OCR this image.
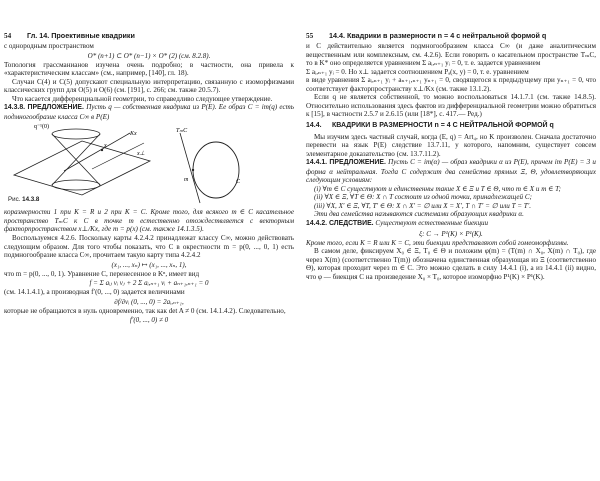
54 Гл. 14. Проективные квадрики

с однородным пространством

O* (n+1) ⊂ O* (n−1) × O* (2) (см. 8.2.8).

Топология грассманианов изучена очень подробно; в частности, она привела к «характеристическим классам» (см., например, [140], гл. 18).

Случаи C(4) и C(5) допускают специальную интерпретацию, связанную с изоморфизмами классических групп для O(5) и O(6) (см. [191], с. 266; см. также 20.5.7).

Что касается дифференциальной геометрии, то справедливо следующее утверждение.

14.3.8. ПРЕДЛОЖЕНИЕ. Пусть q — собственная квадрика из P(E). Ее образ C = im(q) есть подмногообразие класса C∞ в P(E)

q⁻¹(0)
x
Kx
x⊥
TₘC
m	C
Рис. 14.3.8

коразмерности 1 при K = R и 2 при K = C. Кроме того, для всякого m ∈ C касательное пространство TₘC к C в точке m естественно отождествляется с векторным факторпространством x⊥/Kx, где m = p(x) (см. также 14.1.3.5).

Воспользуемся 4.2.6. Поскольку карты 4.2.4.2 принадлежат классу C∞, можно действовать следующим образом. Для того чтобы показать, что C в окрестности m = p(0, ..., 0, 1) есть подмногообразие класса C∞, прочитаем такую карту типа 4.2.4.2

(x₁, ..., xₙ) ↦ (x₁, ..., xₙ, 1),

что m = p(0, ..., 0, 1). Уравнение C, перенесенное в Kⁿ, имеет вид

f = Σ aᵢⱼ vᵢ vⱼ + 2 Σ aᵢ,ₙ₊₁ vᵢ + aₙ₊₁,ₙ₊₁ = 0

(см. 14.1.4.1), а производная f′(0, ..., 0) задается величинами

∂f/∂vᵢ (0, ..., 0) = 2aᵢ,ₙ₊₁,

которые не обращаются в нуль одновременно, так как det A ≠ 0 (см. 14.1.4.2). Следовательно,

f′(0, ..., 0) ≠ 0

55 14.4. Квадрики в размерности n = 4 с нейтральной формой q

и C действительно является подмногообразием класса C∞ (и даже аналитическим вещественным или комплексным, см. 4.2.6). Если говорить о касательном пространстве TₘC, то в K* оно определяется уравнением Σ aᵢ,ₙ₊₁ yᵢ = 0, т. е. задается уравнением

Σ aᵢ,ₙ₊₁ yᵢ = 0. Но x⊥ задается соотношением Pₐ(x, y) = 0, т. е. уравнением

в виде уравнения Σ aᵢ,ₙ₊₁ yᵢ + aₙ₊₁,ₙ₊₁ yₙ₊₁ = 0, сводящегося к предыдущему при yₙ₊₁ = 0, что соответствует факторпространству x⊥/Kx (см. также 13.1.2).

Если q не является собственной, то можно воспользоваться 14.1.7.1 (см. также 14.8.5). Относительно использования здесь фактов из дифференциальной геометрии можно обратиться к [15], в частности 2.5.7 и 2.6.15 (или [18*], с. 417.— Ред.)

14.4.	КВАДРИКИ В РАЗМЕРНОСТИ n = 4 С НЕЙТРАЛЬНОЙ ФОРМОЙ q

Мы изучим здесь частный случай, когда (E, q) = Art₄, но K произволен. Сначала достаточно перевести на язык P(E) следствие 13.7.11, у которого, напомним, существует совсем элементарное доказательство (см. 13.7.11.2).

14.4.1. ПРЕДЛОЖЕНИЕ. Пусть C = im(α) — образ квадрики α из P(E), причем im P(E) = 3 и форма α нейтральная. Тогда C содержит два семейства прямых Ξ, Θ, удовлетворяющих следующим условиям:

(i) ∀m ∈ C существуют и единственны такие X ∈ Ξ и T ∈ Θ, что m ∈ X и m ∈ T;

(ii) ∀X ∈ Ξ, ∀T ∈ Θ: X ∩ T состоит из одной точки, принадлежащей C;

(iii) ∀X, X′ ∈ Ξ, ∀T, T′ ∈ Θ: X ∩ X′ = ∅ или X = X′, T ∩ T′ = ∅ или T = T′.

Эти два семейства называются системами образующих квадрики α.

14.4.2. СЛЕДСТВИЕ. Существуют естественные биекции

ξ: C → P¹(K) × P¹(K).

Кроме того, если K = R или K = C, эти биекции представляют собой гомеоморфизмы.

В самом деле, фиксируем X₀ ∈ Ξ, T₀ ∈ Θ и положим φ(m) = (T(m) ∩ X₀, X(m) ∩ T₀), где через X(m) (соответственно T(m)) обозначена единственная образующая из Ξ (соответственно Θ), которая проходит через m ∈ C. Это можно сделать в силу 14.4.1 (i), а из 14.4.1 (ii) видно, что φ — биекция C на произведение X₀ × T₀, которое изоморфно P¹(K) × P¹(K).
